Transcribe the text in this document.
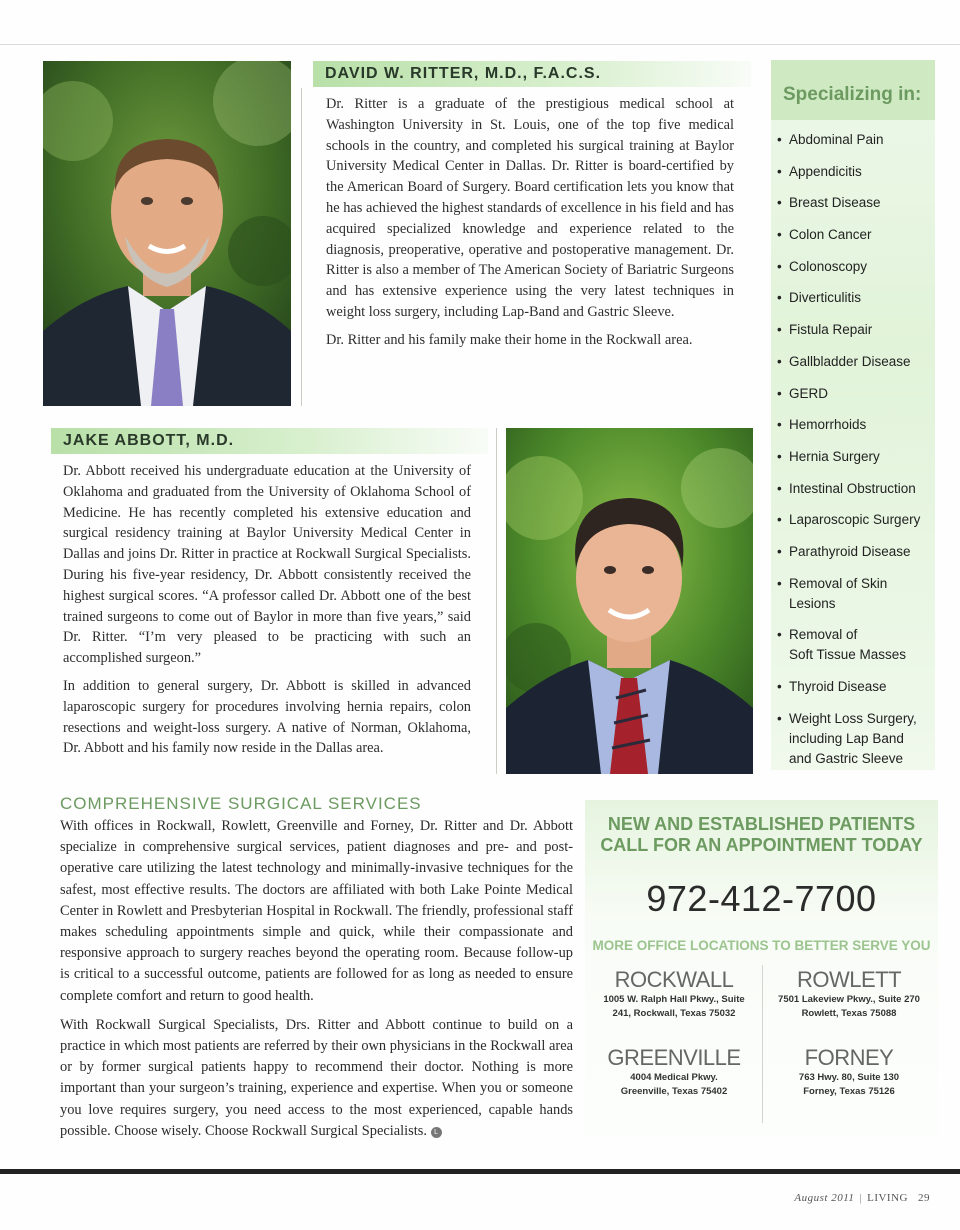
DAVID W. RITTER, M.D., F.A.C.S.

Dr. Ritter is a graduate of the prestigious medical school at Washington University in St. Louis, one of the top five medical schools in the country, and completed his surgical training at Baylor University Medical Center in Dallas. Dr. Ritter is board-certified by the American Board of Surgery. Board certification lets you know that he has achieved the highest standards of excellence in his field and has acquired specialized knowledge and experience related to the diagnosis, preoperative, operative and postoperative management. Dr. Ritter is also a member of The American Society of Bariatric Surgeons and has extensive experience using the very latest techniques in weight loss surgery, including Lap-Band and Gastric Sleeve.

Dr. Ritter and his family make their home in the Rockwall area.

JAKE ABBOTT, M.D.

Dr. Abbott received his undergraduate education at the University of Oklahoma and graduated from the University of Oklahoma School of Medicine. He has recently completed his extensive education and surgical residency training at Baylor University Medical Center in Dallas and joins Dr. Ritter in practice at Rockwall Surgical Specialists. During his five-year residency, Dr. Abbott consistently received the highest surgical scores. “A professor called Dr. Abbott one of the best trained surgeons to come out of Baylor in more than five years,” said Dr. Ritter. “I’m very pleased to be practicing with such an accomplished surgeon.”

In addition to general surgery, Dr. Abbott is skilled in advanced laparoscopic surgery for procedures involving hernia repairs, colon resections and weight-loss surgery. A native of Norman, Oklahoma, Dr. Abbott and his family now reside in the Dallas area.

Specializing in:
• Abdominal Pain
• Appendicitis
• Breast Disease
• Colon Cancer
• Colonoscopy
• Diverticulitis
• Fistula Repair
• Gallbladder Disease
• GERD
• Hemorrhoids
• Hernia Surgery
• Intestinal Obstruction
• Laparoscopic Surgery
• Parathyroid Disease
• Removal of Skin Lesions
• Removal of
Soft Tissue Masses
• Thyroid Disease
• Weight Loss Surgery,
including Lap Band
and Gastric Sleeve
COMPREHENSIVE SURGICAL SERVICES

With offices in Rockwall, Rowlett, Greenville and Forney, Dr. Ritter and Dr. Abbott specialize in comprehensive surgical services, patient diagnoses and pre- and post-operative care utilizing the latest technology and minimally-invasive techniques for the safest, most effective results. The doctors are affiliated with both Lake Pointe Medical Center in Rowlett and Presbyterian Hospital in Rockwall. The friendly, professional staff makes scheduling appointments simple and quick, while their compassionate and responsive approach to surgery reaches beyond the operating room. Because follow-up is critical to a successful outcome, patients are followed for as long as needed to ensure complete comfort and return to good health.

With Rockwall Surgical Specialists, Drs. Ritter and Abbott continue to build on a practice in which most patients are referred by their own physicians in the Rockwall area or by former surgical patients happy to recommend their doctor. Nothing is more important than your surgeon’s training, experience and expertise. When you or someone you love requires surgery, you need access to the most experienced, capable hands possible. Choose wisely. Choose Rockwall Surgical Specialists. L

NEW AND ESTABLISHED PATIENTS
CALL FOR AN APPOINTMENT TODAY
972-412-7700
MORE OFFICE LOCATIONS TO BETTER SERVE YOU
ROCKWALL
1005 W. Ralph Hall Pkwy., Suite
241, Rockwall, Texas 75032
ROWLETT
7501 Lakeview Pkwy., Suite 270
Rowlett, Texas 75088
GREENVILLE
4004 Medical Pkwy.
Greenville, Texas 75402
FORNEY
763 Hwy. 80, Suite 130
Forney, Texas 75126
August 2011 | LIVING 29
